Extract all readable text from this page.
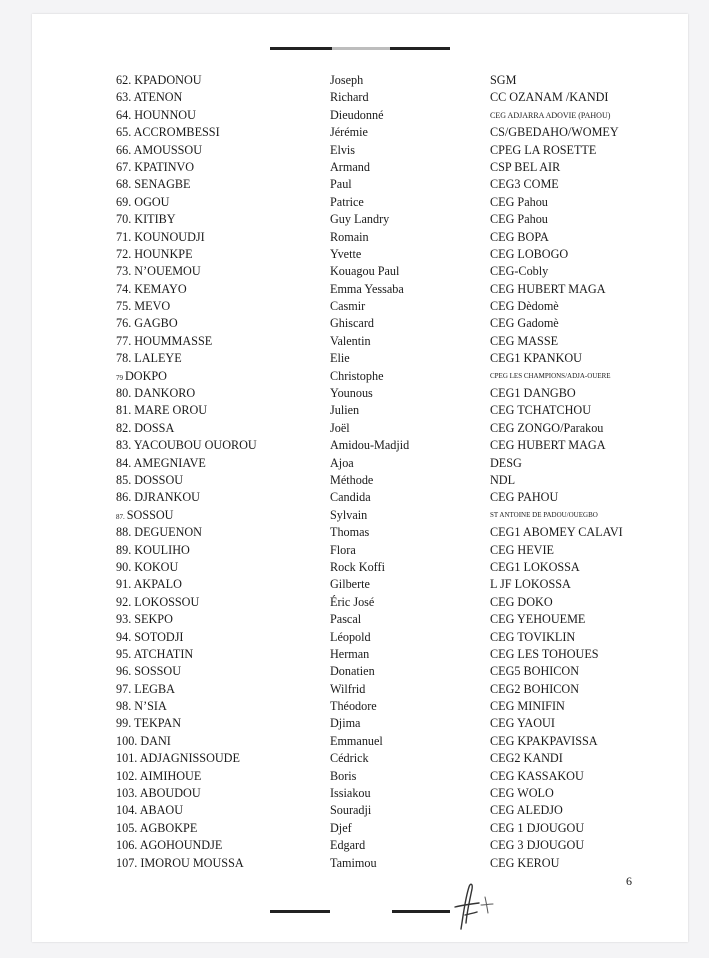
62. KPADONOU	Joseph	SGM
63. ATENON	Richard	CC OZANAM /KANDI
64. HOUNNOU	Dieudonné	CEG ADJARRA ADOVIE (PAHOU)
65. ACCROMBESSI	Jérémie	CS/GBEDAHO/WOMEY
66. AMOUSSOU	Elvis	CPEG LA ROSETTE
67. KPATINVO	Armand	CSP BEL AIR
68. SENAGBE	Paul	CEG3 COME
69. OGOU	Patrice	CEG Pahou
70. KITIBY	Guy Landry	CEG Pahou
71. KOUNOUDJI	Romain	CEG BOPA
72. HOUNKPE	Yvette	CEG LOBOGO
73. N’OUEMOU	Kouagou Paul	CEG-Cobly
74. KEMAYO	Emma Yessaba	CEG HUBERT MAGA
75. MEVO	Casmir	CEG Dèdomè
76. GAGBO	Ghiscard	CEG Gadomè
77. HOUMMASSE	Valentin	CEG MASSE
78. LALEYE	Elie	CEG1 KPANKOU
79 DOKPO	Christophe	CPEG LES CHAMPIONS/ADJA-OUERE
80. DANKORO	Younous	CEG1 DANGBO
81. MARE OROU	Julien	CEG TCHATCHOU
82. DOSSA	Joël	CEG ZONGO/Parakou
83. YACOUBOU OUOROU	Amidou-Madjid	CEG HUBERT MAGA
84. AMEGNIAVE	Ajoa	DESG
85. DOSSOU	Méthode	NDL
86. DJRANKOU	Candida	CEG PAHOU
87. SOSSOU	Sylvain	ST ANTOINE DE PADOU/OUEGBO
88. DEGUENON	Thomas	CEG1 ABOMEY CALAVI
89. KOULIHO	Flora	CEG HEVIE
90. KOKOU	Rock Koffi	CEG1 LOKOSSA
91. AKPALO	Gilberte	L JF LOKOSSA
92. LOKOSSOU	Éric José	CEG DOKO
93. SEKPO	Pascal	CEG YEHOUEME
94. SOTODJI	Léopold	CEG TOVIKLIN
95. ATCHATIN	Herman	CEG LES TOHOUES
96. SOSSOU	Donatien	CEG5 BOHICON
97. LEGBA	Wilfrid	CEG2 BOHICON
98. N’SIA	Théodore	CEG MINIFIN
99. TEKPAN	Djima	CEG YAOUI
100. DANI	Emmanuel	CEG KPAKPAVISSA
101. ADJAGNISSOUDE	Cédrick	CEG2 KANDI
102. AIMIHOUE	Boris	CEG KASSAKOU
103. ABOUDOU	Issiakou	CEG WOLO
104. ABAOU	Souradji	CEG ALEDJO
105. AGBOKPE	Djef	CEG 1 DJOUGOU
106. AGOHOUNDJE	Edgard	CEG 3 DJOUGOU
107. IMOROU MOUSSA	Tamimou	CEG KEROU
6
